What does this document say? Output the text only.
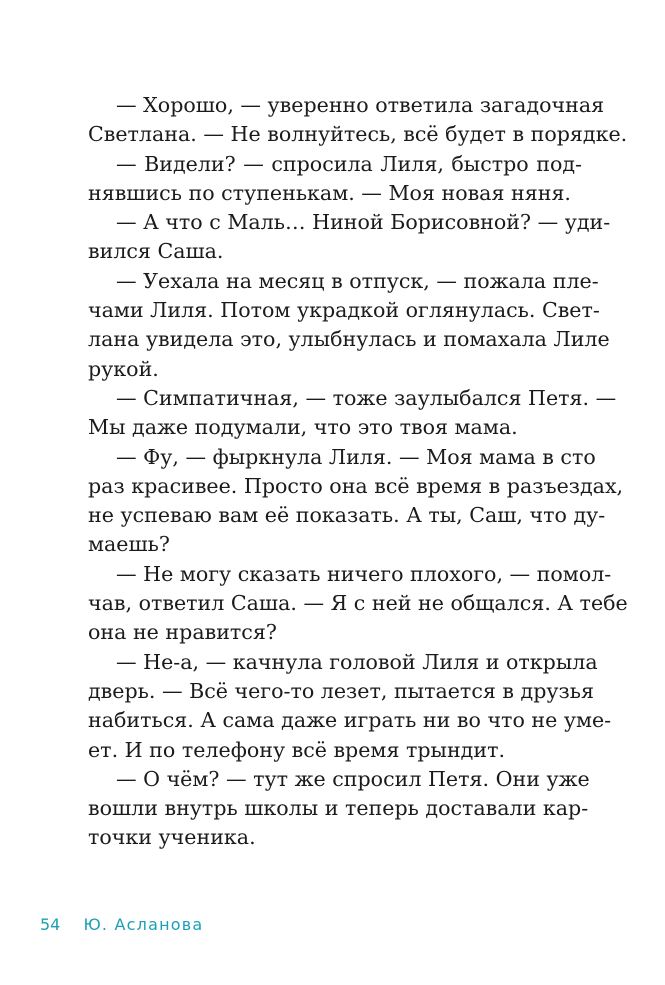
— Хорошо, — уверенно ответила загадочная
Светлана. — Не волнуйтесь, всё будет в порядке.
— Видели? — спросила Лиля, быстро под-
нявшись по ступенькам. — Моя новая няня.
— А что с Маль… Ниной Борисовной? — уди-
вился Саша.
— Уехала на месяц в отпуск, — пожала пле-
чами Лиля. Потом украдкой оглянулась. Свет-
лана увидела это, улыбнулась и помахала Лиле
рукой.
— Симпатичная, — тоже заулыбался Петя. —
Мы даже подумали, что это твоя мама.
— Фу, — фыркнула Лиля. — Моя мама в сто
раз красивее. Просто она всё время в разъездах,
не успеваю вам её показать. А ты, Саш, что ду-
маешь?
— Не могу сказать ничего плохого, — помол-
чав, ответил Саша. — Я с ней не общался. А тебе
она не нравится?
— Не-а, — качнула головой Лиля и открыла
дверь. — Всё чего-то лезет, пытается в друзья
набиться. А сама даже играть ни во что не уме-
ет. И по телефону всё время трындит.
— О чём? — тут же спросил Петя. Они уже
вошли внутрь школы и теперь доставали кар-
точки ученика.
54 Ю. Асланова
